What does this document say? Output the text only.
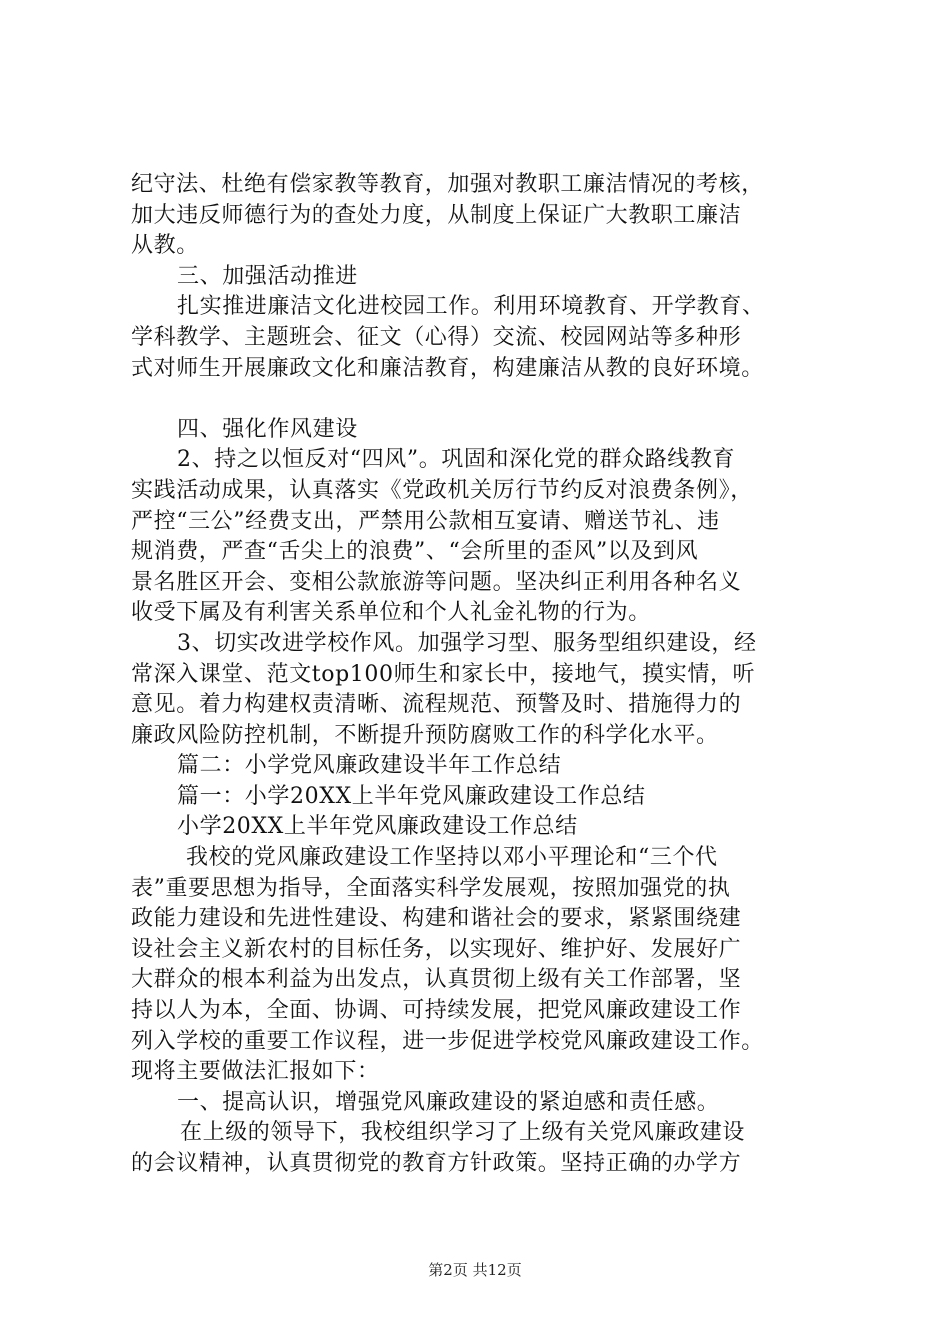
纪守法、杜绝有偿家教等教育，加强对教职工廉洁情况的考核，
加大违反师德行为的查处力度，从制度上保证广大教职工廉洁
从教。
三、加强活动推进
扎实推进廉洁文化进校园工作。利用环境教育、开学教育、
学科教学、主题班会、征文（心得）交流、校园网站等多种形
式对师生开展廉政文化和廉洁教育，构建廉洁从教的良好环境。
四、强化作风建设
2、持之以恒反对“四风”。巩固和深化党的群众路线教育
实践活动成果，认真落实《党政机关厉行节约反对浪费条例》，
严控“三公”经费支出，严禁用公款相互宴请、赠送节礼、违
规消费，严查“舌尖上的浪费”、“会所里的歪风”以及到风
景名胜区开会、变相公款旅游等问题。坚决纠正利用各种名义
收受下属及有利害关系单位和个人礼金礼物的行为。
3、切实改进学校作风。加强学习型、服务型组织建设，经
常深入课堂、范文top100师生和家长中，接地气，摸实情，听
意见。着力构建权责清晰、流程规范、预警及时、措施得力的
廉政风险防控机制，不断提升预防腐败工作的科学化水平。
篇二：小学党风廉政建设半年工作总结
篇一：小学20XX上半年党风廉政建设工作总结
小学20XX上半年党风廉政建设工作总结
我校的党风廉政建设工作坚持以邓小平理论和“三个代
表”重要思想为指导，全面落实科学发展观，按照加强党的执
政能力建设和先进性建设、构建和谐社会的要求，紧紧围绕建
设社会主义新农村的目标任务，以实现好、维护好、发展好广
大群众的根本利益为出发点，认真贯彻上级有关工作部署，坚
持以人为本，全面、协调、可持续发展，把党风廉政建设工作
列入学校的重要工作议程，进一步促进学校党风廉政建设工作。
现将主要做法汇报如下：
一、提高认识，增强党风廉政建设的紧迫感和责任感。
在上级的领导下，我校组织学习了上级有关党风廉政建设
的会议精神，认真贯彻党的教育方针政策。坚持正确的办学方
第2页 共12页
